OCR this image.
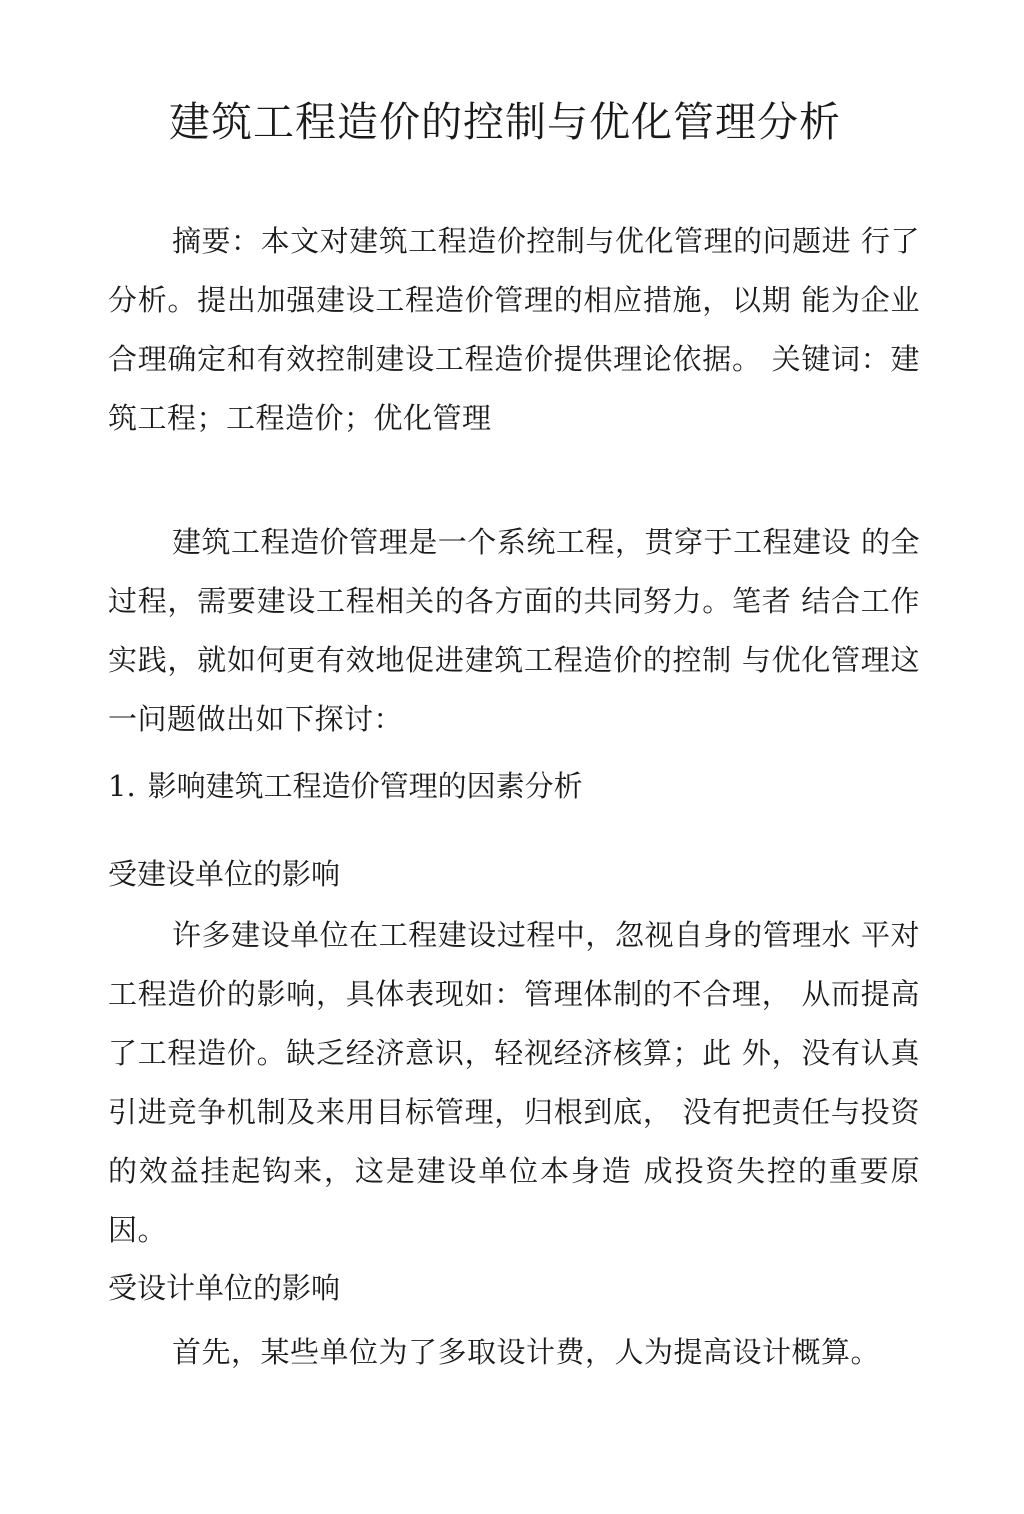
建筑工程造价的控制与优化管理分析

摘要：本文对建筑工程造价控制与优化管理的问题进 行了分析。提出加强建设工程造价管理的相应措施，以期 能为企业合理确定和有效控制建设工程造价提供理论依据。 关键词：建筑工程；工程造价；优化管理

建筑工程造价管理是一个系统工程，贯穿于工程建设 的全过程，需要建设工程相关的各方面的共同努力。笔者 结合工作实践，就如何更有效地促进建筑工程造价的控制 与优化管理这一问题做出如下探讨：

1. 影响建筑工程造价管理的因素分析
受建设单位的影响

许多建设单位在工程建设过程中，忽视自身的管理水 平对工程造价的影响，具体表现如：管理体制的不合理， 从而提高了工程造价。缺乏经济意识，轻视经济核算；此 外，没有认真引进竞争机制及来用目标管理，归根到底， 没有把责任与投资的效益挂起钩来，这是建设单位本身造 成投资失控的重要原因。

受设计单位的影响

首先，某些单位为了多取设计费，人为提高设计概算。
